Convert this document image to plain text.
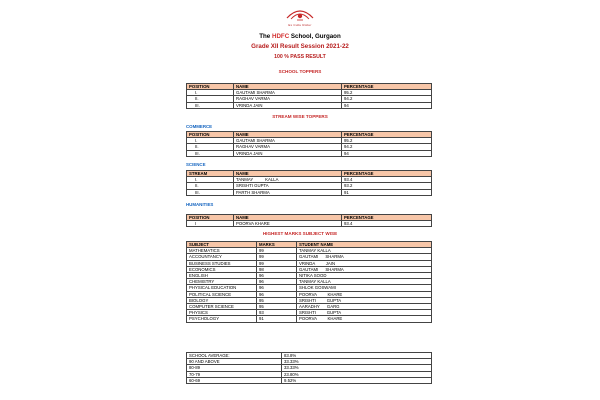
Ex Cultu Robur
The HDFC School, Gurgaon
Grade XII Result Session 2021-22
100 % PASS RESULT
SCHOOL TOPPERS
POSITION	NAME	PERCENTAGE
I.	GAUTAMI SHARMA	95.2
II.	RAGHAV VARMA	94.2
III.	VRINDA JAIN	94
STREAM WISE TOPPERS
COMMERCE
POSITION	NAME	PERCENTAGE
I.	GAUTAMI SHARMA	95.2
II.	RAGHAV VARMA	94.2
III.	VRINDA JAIN	94
SCIENCE
STREAM	NAME	PERCENTAGE
I.	TANMAY          KALLA	93.4
II.	SRISHTI GUPTA	93.2
III.	PARTH SHARMA	91
HUMANITIES
POSITION	NAME	PERCENTAGE
I	POORVA KHARE	93.4
HIGHEST MARKS SUBJECT WISE
SUBJECT	MARKS	STUDENT NAME
MATHEMATICS	99	TANMAY KALLA
ACCOUNTANCY	99	GAUTAMI      SHARMA
BUSINESS STUDIES	99	VRINDA         JAIN
ECONOMICS	98	GAUTAMI      SHARMA
ENGLISH	96	NITIKA SOOD
CHEMISTRY	96	TANMAY KALLA
PHYSICAL EDUCATION	96	SHLOK GOSWAMI
POLITICAL SCIENCE	96	POORVA         KHARE
BIOLOGY	95	SRISHTI         GUPTA
COMPUTER SCIENCE	95	AARADHY      GARG
PHYSICS	93	SRISHTI         GUPTA
PSYCHOLOGY	91	POORVA         KHARE
SCHOOL AVERAGE:	83.8%
90 AND ABOVE	33.33%
80-89	33.33%
70-79	23.80%
60-69	9.52%
